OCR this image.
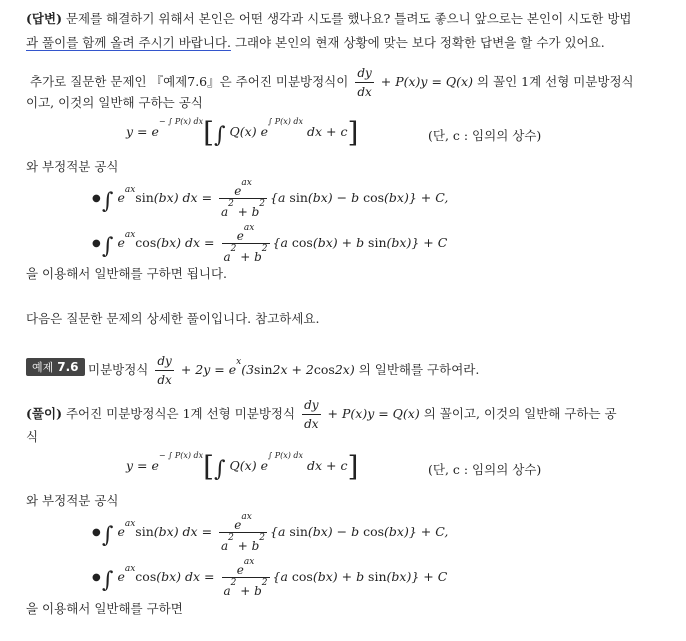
(답변) 문제를 해결하기 위해서 본인은 어떤 생각과 시도를 했나요? 틀려도 좋으니 앞으로는 본인이 시도한 방법
과 풀이를 함께 올려 주시기 바랍니다. 그래야 본인의 현재 상황에 맞는 보다 정확한 답변을 할 수가 있어요.
추가로 질문한 문제인 『예제7.6』은 주어진 미분방정식이 $\frac{dy}{dx} + P(x)y = Q(x)$ 의 꼴인 1계 선형 미분방정식
이고, 이것의 일반해 구하는 공식
$y = e^{- \int P(x) dx}[\int$ Q(x) $e^{\int P(x) dx}$ dx + c]	(단, c : 임의의 상수)
와 부정적분 공식
● ∫ $e^{ax}\sin(bx)$ dx = $\frac{e^{ax}}{a^2 + b^2} \{a$ sin(bx) − b cos(bx)} + C,
● ∫ $e^{ax}\cos(bx)$ dx = $\frac{e^{ax}}{a^2 + b^2} \{a$ cos(bx) + b sin(bx)} + C
을 이용해서 일반해를 구하면 됩니다.
다음은 질문한 문제의 상세한 풀이입니다. 참고하세요.
예제 7.6 미분방정식 $\frac{dy}{dx} + 2y = e^x(3\sin 2x + 2\cos 2x)$ 의 일반해를 구하여라.
(풀이) 주어진 미분방정식은 1계 선형 미분방정식 $\frac{dy}{dx} + P(x)y = Q(x)$ 의 꼴이고, 이것의 일반해 구하는 공
식
$y = e^{- \int P(x) dx}[\int$ Q(x) $e^{\int P(x) dx}$ dx + c]	(단, c : 임의의 상수)
와 부정적분 공식
● ∫ $e^{ax}\sin(bx)$ dx = $\frac{e^{ax}}{a^2 + b^2} \{a$ sin(bx) − b cos(bx)} + C,
● ∫ $e^{ax}\cos(bx)$ dx = $\frac{e^{ax}}{a^2 + b^2} \{a$ cos(bx) + b sin(bx)} + C
을 이용해서 일반해를 구하면
